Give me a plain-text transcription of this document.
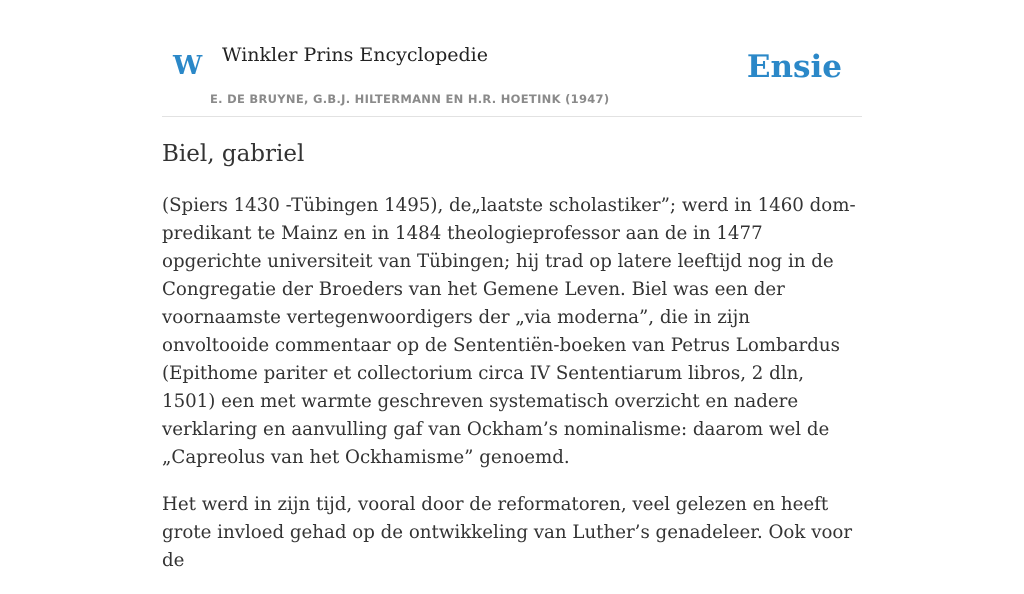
W Winkler Prins Encyclopedie
E. DE BRUYNE, G.B.J. HILTERMANN EN H.R. HOETINK (1947)
Ensie
Biel, gabriel

(Spiers 1430 -Tübingen 1495), de„laatste scholastiker”; werd in 1460 dom-predikant te Mainz en in 1484 theologieprofessor aan de in 1477 opgerichte universiteit van Tübingen; hij trad op latere leeftijd nog in de Congregatie der Broeders van het Gemene Leven. Biel was een der voornaamste vertegenwoordigers der „via moderna”, die in zijn onvoltooide commentaar op de Sententiën-boeken van Petrus Lombardus (Epithome pariter et collectorium circa IV Sententiarum libros, 2 dln, 1501) een met warmte geschreven systematisch overzicht en nadere verklaring en aanvulling gaf van Ockham’s nominalisme: daarom wel de „Capreolus van het Ockhamisme” genoemd.

Het werd in zijn tijd, vooral door de reformatoren, veel gelezen en heeft grote invloed gehad op de ontwikkeling van Luther’s genadeleer. Ook voor de
